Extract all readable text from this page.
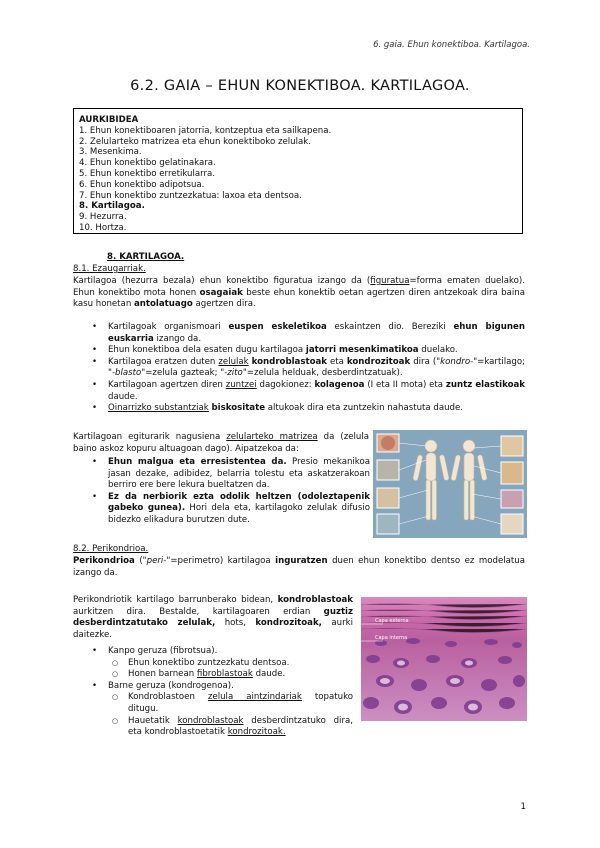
6. gaia. Ehun konektiboa. Kartilagoa.
6.2. GAIA – EHUN KONEKTIBOA. KARTILAGOA.
AURKIBIDEA
1. Ehun konektiboaren jatorria, kontzeptua eta sailkapena.
2. Zelularteko matrizea eta ehun konektiboko zelulak.
3. Mesenkima.
4. Ehun konektibo gelatinakara.
5. Ehun konektibo erretikularra.
6. Ehun konektibo adipotsua.
7. Ehun konektibo zuntzezkatua: laxoa eta dentsoa.
8. Kartilagoa.
9. Hezurra.
10. Hortza.
8. KARTILAGOA.
8.1. Ezaugarriak.
Kartilagoa (hezurra bezala) ehun konektibo figuratua izango da (figuratua=forma ematen duelako). Ehun konektibo mota honen osagaiak beste ehun konektib oetan agertzen diren antzekoak dira baina kasu honetan antolatuago agertzen dira.
• Kartilagoak organismoari euspen eskeletikoa eskaintzen dio. Bereziki ehun bigunen euskarria izango da.
• Ehun konektiboa dela esaten dugu kartilagoa jatorri mesenkimatikoa duelako.
• Kartilagoa eratzen duten zelulak kondroblastoak eta kondrozitoak dira ("kondro-"=kartilago; "-blasto"=zelula gazteak; "-zito"=zelula helduak, desberdintzatuak).
• Kartilagoan agertzen diren zuntzei dagokionez: kolagenoa (I eta II mota) eta zuntz elastikoak daude.
• Oinarrizko substantziak biskositate altukoak dira eta zuntzekin nahastuta daude.
Kartilagoan egiturarik nagusiena zelularteko matrizea da (zelula baino askoz kopuru altuagoan dago). Aipatzekoa da:
• Ehun malgua eta erresistentea da. Presio mekanikoa jasan dezake, adibidez, belarria tolestu eta askatzerakoan berriro ere bere lekura bueltatzen da.
• Ez da nerbiorik ezta odolik heltzen (odoleztapenik gabeko gunea). Hori dela eta, kartilagoko zelulak difusio bidezko elikadura burutzen dute.
8.2. Perikondrioa.
Perikondrioa ("peri-"=perimetro) kartilagoa inguratzen duen ehun konektibo dentso ez modelatua izango da.
Perikondriotik kartilago barrunberako bidean, kondroblastoak aurkitzen dira. Bestalde, kartilagoaren erdian guztiz desberdintzatutako zelulak, hots, kondrozitoak, aurki daitezke.
• Kanpo geruza (fibrotsua).
○ Ehun konektibo zuntzezkatu dentsoa.
○ Honen barnean fibroblastoak daude.
• Barne geruza (kondrogenoa).
○ Kondroblastoen zelula aintzindariak topatuko ditugu.
○ Hauetatik kondroblastoak desberdintzatuko dira, eta kondroblastoetatik kondrozitoak.
Capa externa
Capa interna
1
